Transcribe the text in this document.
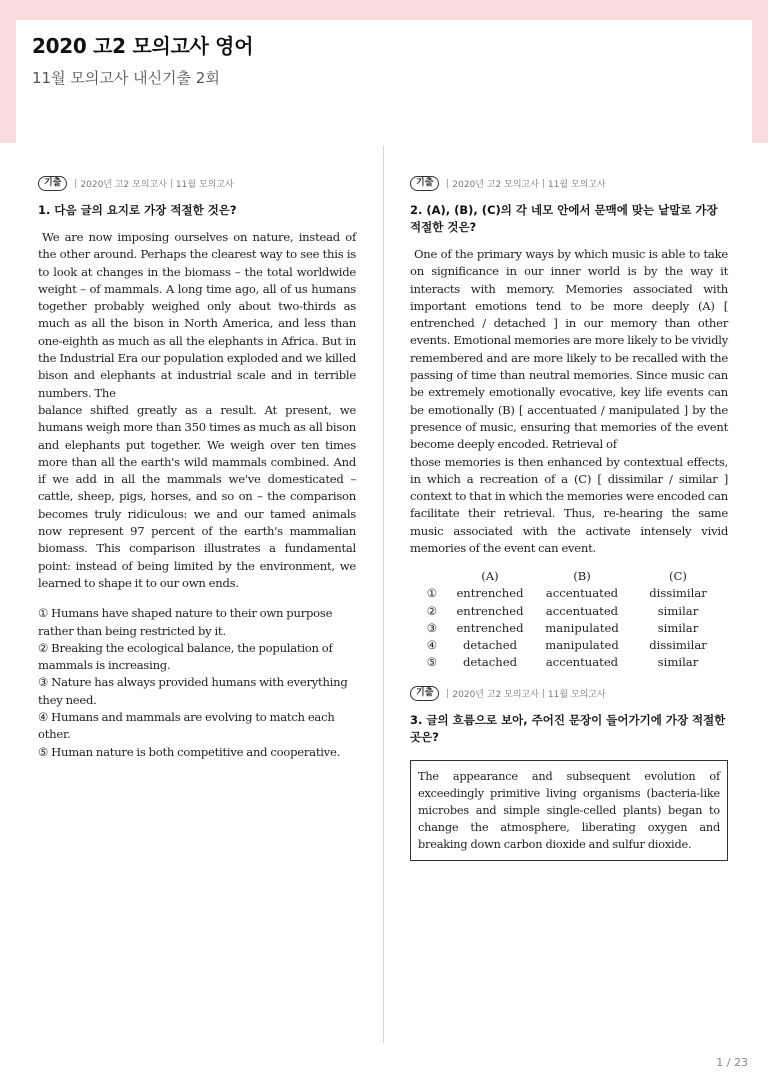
2020 고2 모의고사 영어
11월 모의고사 내신기출 2회
기출	2020년 고2 모의고사 11월 모의고사
1. 다음 글의 요지로 가장 적절한 것은?

We are now imposing ourselves on nature, instead of the other around. Perhaps the clearest way to see this is to look at changes in the biomass – the total worldwide weight – of mammals. A long time ago, all of us humans together probably weighed only about two-thirds as much as all the bison in North America, and less than one-eighth as much as all the elephants in Africa. But in the Industrial Era our population exploded and we killed bison and elephants at industrial scale and in terrible numbers. The

balance shifted greatly as a result. At present, we humans weigh more than 350 times as much as all bison and elephants put together. We weigh over ten times more than all the earth's wild mammals combined. And if we add in all the mammals we've domesticated – cattle, sheep, pigs, horses, and so on – the comparison becomes truly ridiculous: we and our tamed animals now represent 97 percent of the earth's mammalian biomass. This comparison illustrates a fundamental point: instead of being limited by the environment, we learned to shape it to our own ends.

① Humans have shaped nature to their own purpose rather than being restricted by it.
② Breaking the ecological balance, the population of mammals is increasing.
③ Nature has always provided humans with everything they need.
④ Humans and mammals are evolving to match each other.
⑤ Human nature is both competitive and cooperative.
기출	2020년 고2 모의고사 11월 모의고사
2. (A), (B), (C)의 각 네모 안에서 문맥에 맞는 낱말로 가장 적절한 것은?

One of the primary ways by which music is able to take on significance in our inner world is by the way it interacts with memory. Memories associated with important emotions tend to be more deeply (A) [ entrenched / detached ] in our memory than other events. Emotional memories are more likely to be vividly remembered and are more likely to be recalled with the passing of time than neutral memories. Since music can be extremely emotionally evocative, key life events can be emotionally (B) [ accentuated / manipulated ] by the presence of music, ensuring that memories of the event become deeply encoded. Retrieval of

those memories is then enhanced by contextual effects, in which a recreation of a (C) [ dissimilar / similar ] context to that in which the memories were encoded can facilitate their retrieval. Thus, re-hearing the same music associated with the activate intensely vivid memories of the event can event.

	(A)	(B)	(C)
①	entrenched	accentuated	dissimilar
②	entrenched	accentuated	similar
③	entrenched	manipulated	similar
④	detached	manipulated	dissimilar
⑤	detached	accentuated	similar
기출	2020년 고2 모의고사 11월 모의고사
3. 글의 흐름으로 보아, 주어진 문장이 들어가기에 가장 적절한 곳은?
The appearance and subsequent evolution of exceedingly primitive living organisms (bacteria-like microbes and simple single-celled plants) began to change the atmosphere, liberating oxygen and breaking down carbon dioxide and sulfur dioxide.
1 / 23
